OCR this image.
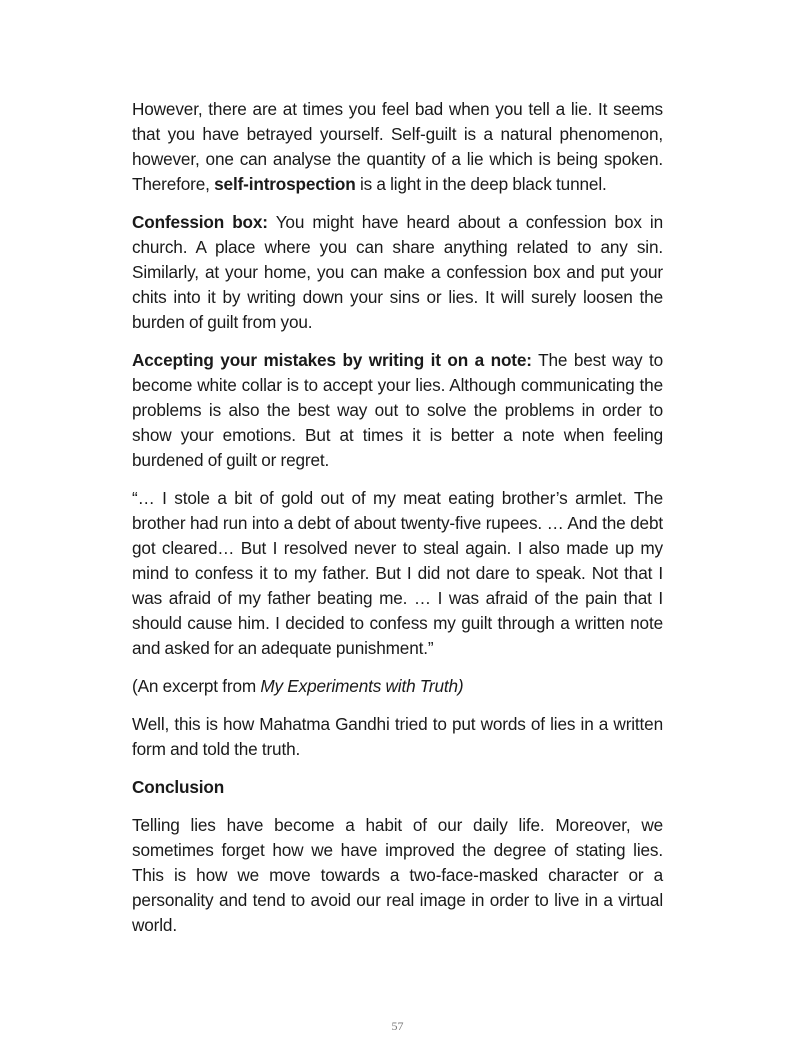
However, there are at times you feel bad when you tell a lie. It seems that you have betrayed yourself. Self-guilt is a natural phenomenon, however, one can analyse the quantity of a lie which is being spoken. Therefore, self-introspection is a light in the deep black tunnel.

Confession box: You might have heard about a confession box in church. A place where you can share anything related to any sin. Similarly, at your home, you can make a confession box and put your chits into it by writing down your sins or lies. It will surely loosen the burden of guilt from you.

Accepting your mistakes by writing it on a note: The best way to become white collar is to accept your lies. Although communicating the problems is also the best way out to solve the problems in order to show your emotions. But at times it is better a note when feeling burdened of guilt or regret.

“… I stole a bit of gold out of my meat eating brother’s armlet. The brother had run into a debt of about twenty-five rupees. … And the debt got cleared… But I resolved never to steal again. I also made up my mind to confess it to my father. But I did not dare to speak. Not that I was afraid of my father beating me. … I was afraid of the pain that I should cause him. I decided to confess my guilt through a written note and asked for an adequate punishment.”

(An excerpt from My Experiments with Truth)

Well, this is how Mahatma Gandhi tried to put words of lies in a written form and told the truth.

Conclusion

Telling lies have become a habit of our daily life. Moreover, we sometimes forget how we have improved the degree of stating lies. This is how we move towards a two-face-masked character or a personality and tend to avoid our real image in order to live in a virtual world.

57
